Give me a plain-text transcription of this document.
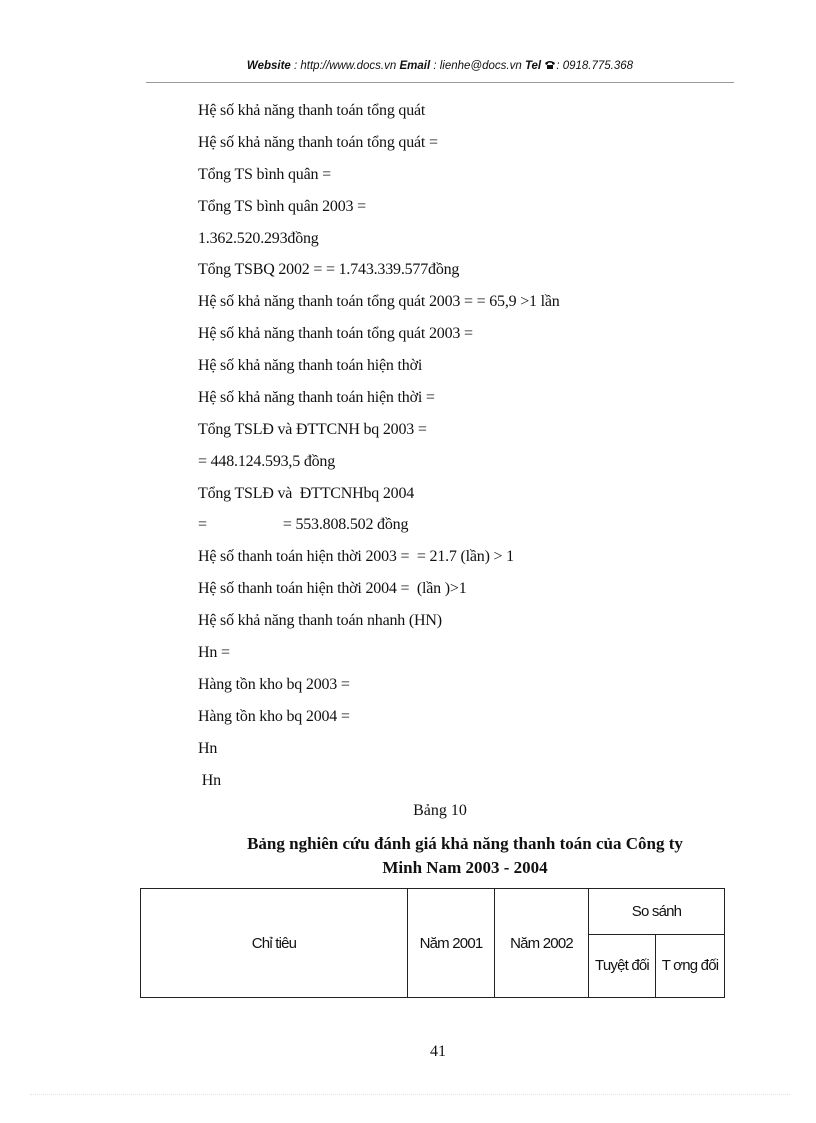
Website : http://www.docs.vn Email : lienhe@docs.vn Tel : 0918.775.368
Hệ số khả năng thanh toán tổng quát
Hệ số khả năng thanh toán tổng quát =
Tổng TS bình quân =
Tổng TS bình quân 2003 =
1.362.520.293đồng
Tổng TSBQ 2002 = = 1.743.339.577đồng
Hệ số khả năng thanh toán tổng quát 2003 = = 65,9 >1 lần
Hệ số khả năng thanh toán tổng quát 2003 =
Hệ số khả năng thanh toán hiện thời
Hệ số khả năng thanh toán hiện thời =
Tổng TSLĐ và ĐTTCNH bq 2003 =
= 448.124.593,5 đồng
Tổng TSLĐ và  ĐTTCNHbq 2004
=                    = 553.808.502 đồng
Hệ số thanh toán hiện thời 2003 =  = 21.7 (lần) > 1
Hệ số thanh toán hiện thời 2004 =  (lần )>1
Hệ số khả năng thanh toán nhanh (HN)
Hn =
Hàng tồn kho bq 2003 =
Hàng tồn kho bq 2004 =
Hn
Hn
Bảng 10
Bảng nghiên cứu đánh giá khả năng thanh toán của Công ty
Minh Nam 2003 - 2004
Chỉ tiêu	Năm 2001	Năm 2002	So sánh	
			Tuyệt đối	T ơng đối
41
